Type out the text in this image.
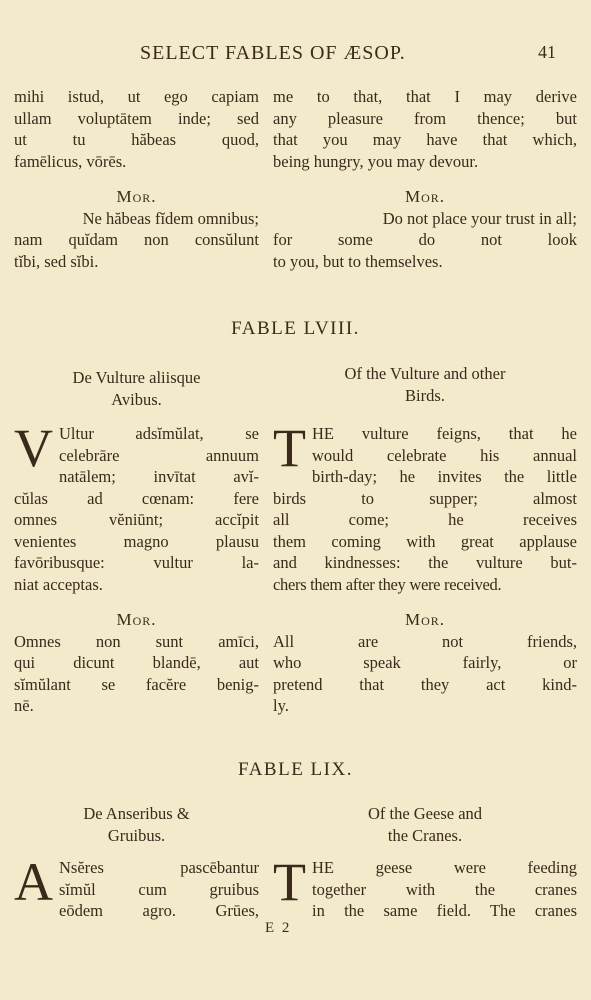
SELECT FABLES OF ÆSOP.	41
mihi istud, ut ego capiam
ullam voluptātem inde; sed
ut tu hăbeas quod,
famēlicus, vōrēs.
me to that, that I may derive
any pleasure from thence; but
that you may have that which,
being hungry, you may devour.
Mor.
Ne hăbeas fĭdem omnibus;
nam quĭdam non consŭlunt
tĭbi, sed sĭbi.
Mor.
Do not place your trust in all;
for some do not look
to you, but to themselves.
FABLE LVIII.
De Vulture aliisque
Avibus.
Of the Vulture and other
Birds.
V Ultur adsĭmŭlat, se
celebrāre annuum
natālem; invītat avĭ-
cŭlas ad cœnam: fere
omnes vĕniūnt; accĭpit
venientes magno plausu
favōribusque: vultur la-
niat acceptas.
T HE vulture feigns, that he
would celebrate his annual
birth-day; he invites the little
birds to supper; almost
all come; he receives
them coming with great applause
and kindnesses: the vulture but-
chers them after they were received.
Mor.
Omnes non sunt amīci,
qui dicunt blandē, aut
sĭmŭlant se facĕre benig-
nē.
Mor.
All are not friends,
who speak fairly, or
pretend that they act kind-
ly.
FABLE LIX.
De Anseribus &
Gruibus.
Of the Geese and
the Cranes.
A Nsĕres pascēbantur
sĭmŭl cum gruibus
eōdem agro. Grūes, T HE geese were feeding
together with the cranes
in the same field. The cranes
E 2
